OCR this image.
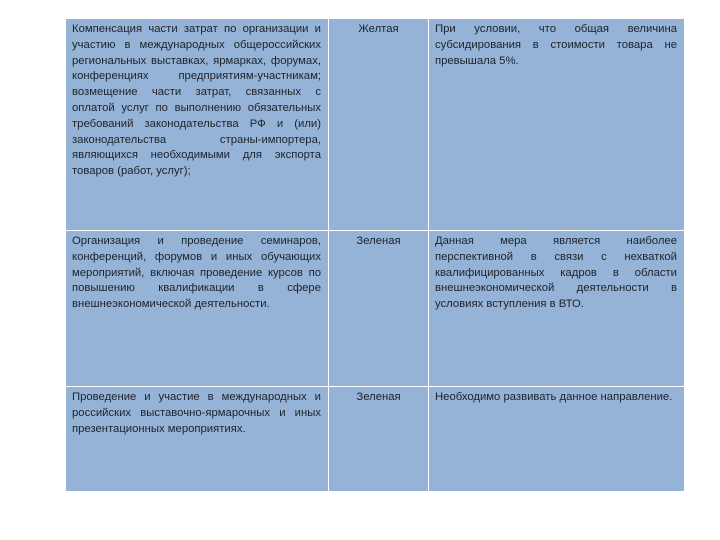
Компенсация части затрат по организации и участию в международных общероссийских региональных выставках, ярмарках, форумах, конференциях предприятиям-участникам; возмещение части затрат, связанных с оплатой услуг по выполнению обязательных требований законодательства РФ и (или) законодательства страны-импортера, являющихся необходимыми для экспорта товаров (работ, услуг);	Желтая	При условии, что общая величина субсидирования в стоимости товара не превышала 5%.
Организация и проведение семинаров, конференций, форумов и иных обучающих мероприятий, включая проведение курсов по повышению квалификации в сфере внешнеэкономической деятельности.	Зеленая	Данная мера является наиболее перспективной в связи с нехваткой квалифицированных кадров в области внешнеэкономической деятельности в условиях вступления в ВТО.
Проведение и участие в международных и российских выставочно-ярмарочных и иных презентационных мероприятиях.	Зеленая	Необходимо развивать данное направление.
